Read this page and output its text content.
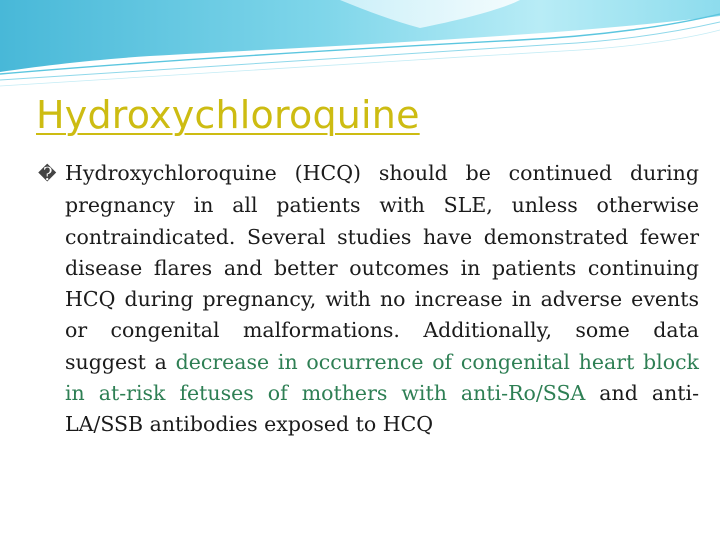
Hydroxychloroquine

� Hydroxychloroquine (HCQ) should be continued during pregnancy in all patients with SLE, unless otherwise contraindicated. Several studies have demonstrated fewer disease flares and better outcomes in patients continuing HCQ during pregnancy, with no increase in adverse events or congenital malformations. Additionally, some data suggest a decrease in occurrence of congenital heart block in at-risk fetuses of mothers with anti-Ro/SSA and anti-LA/SSB antibodies exposed to HCQ
